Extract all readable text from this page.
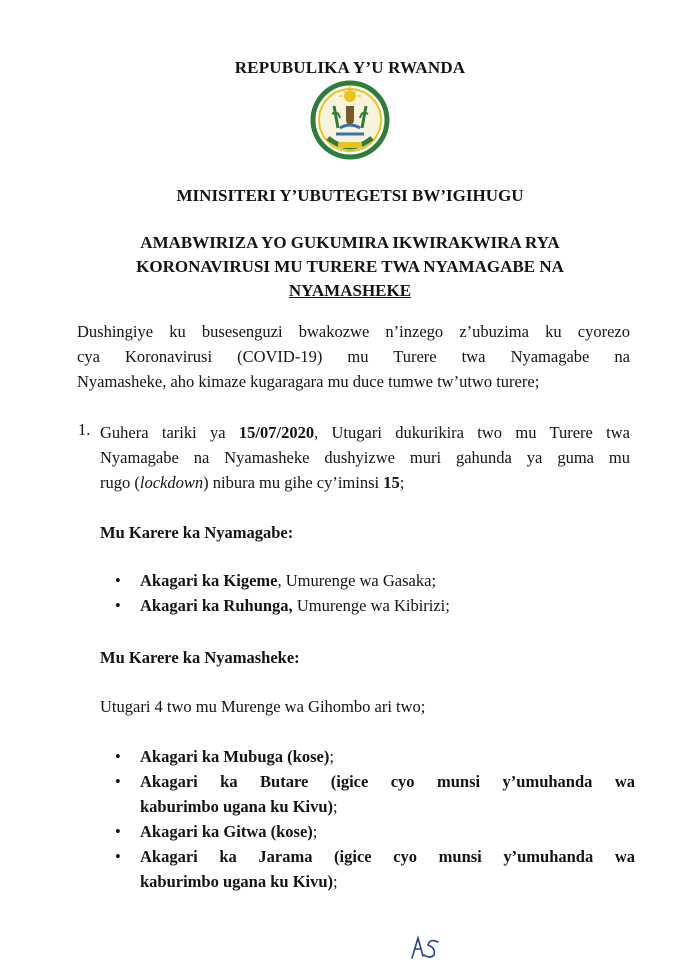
REPUBULIKA Y’U RWANDA
MINISITERI Y’UBUTEGETSI BW’IGIHUGU
AMABWIRIZA YO GUKUMIRA IKWIRAKWIRA RYA
KORONAVIRUSI MU TURERE TWA NYAMAGABE NA
NYAMASHEKE
Dushingiye ku busesenguzi bwakozwe n’inzego z’ubuzima ku cyorezo
cya Koronavirusi (COVID-19) mu Turere twa Nyamagabe na
Nyamasheke, aho kimaze kugaragara mu duce tumwe tw’utwo turere;
1. Guhera tariki ya 15/07/2020, Utugari dukurikira two mu Turere twa
Nyamagabe na Nyamasheke dushyizwe muri gahunda ya guma mu
rugo (lockdown) nibura mu gihe cy’iminsi 15;
Mu Karere ka Nyamagabe:
• Akagari ka Kigeme, Umurenge wa Gasaka;
• Akagari ka Ruhunga, Umurenge wa Kibirizi;
Mu Karere ka Nyamasheke:
Utugari 4 two mu Murenge wa Gihombo ari two;
• Akagari ka Mubuga (kose);
• Akagari ka Butare (igice cyo munsi y’umuhanda wa
kaburimbo ugana ku Kivu);
• Akagari ka Gitwa (kose);
• Akagari ka Jarama (igice cyo munsi y’umuhanda wa
kaburimbo ugana ku Kivu);
